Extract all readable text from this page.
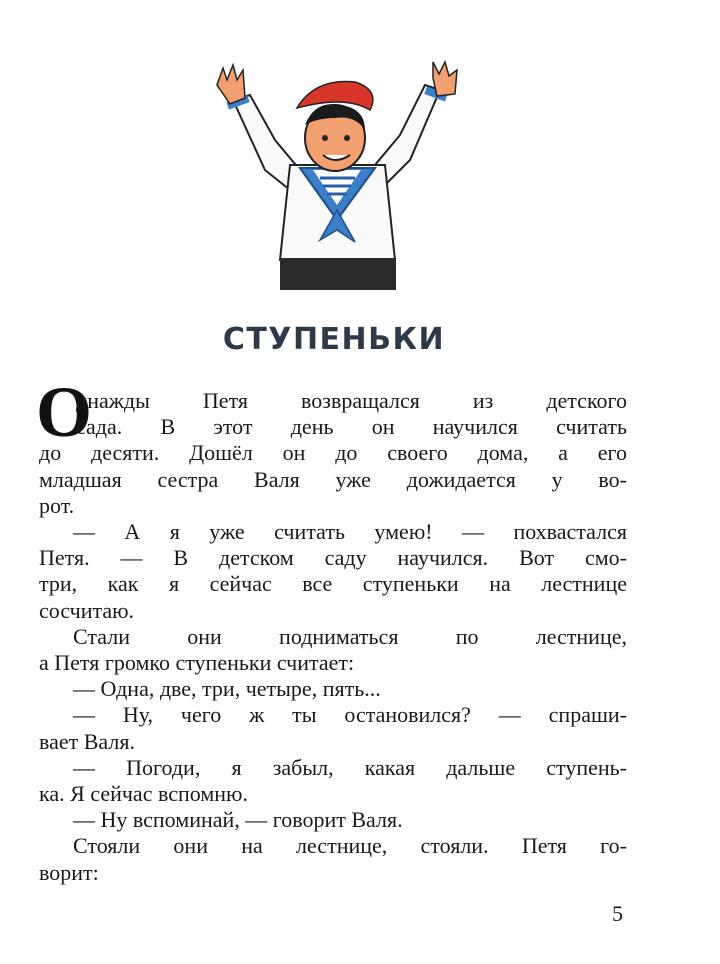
СТУПЕНЬКИ
О
днажды Петя возвращался из детского
сада. В этот день он научился считать
до десяти. Дошёл он до своего дома, а его
младшая сестра Валя уже дожидается у во-
рот.
— А я уже считать умею! — похвастался
Петя. — В детском саду научился. Вот смо-
три, как я сейчас все ступеньки на лестнице
сосчитаю.
Стали они подниматься по лестнице,
а Петя громко ступеньки считает:
— Одна, две, три, четыре, пять...
— Ну, чего ж ты остановился? — спраши-
вает Валя.
— Погоди, я забыл, какая дальше ступень-
ка. Я сейчас вспомню.
— Ну вспоминай, — говорит Валя.
Стояли они на лестнице, стояли. Петя го-
ворит:
5
